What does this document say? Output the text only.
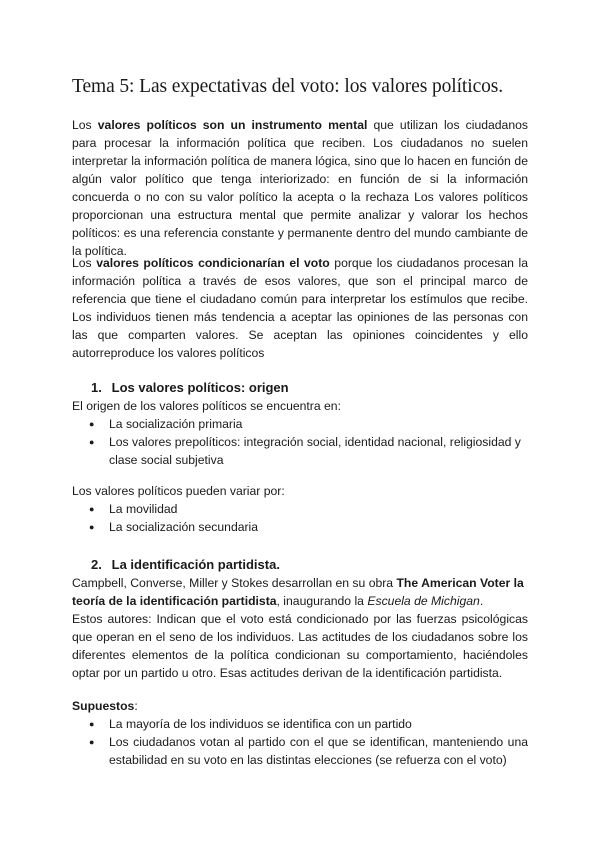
Tema 5: Las expectativas del voto: los valores políticos.

Los valores políticos son un instrumento mental que utilizan los ciudadanos para procesar la información política que reciben. Los ciudadanos no suelen interpretar la información política de manera lógica, sino que lo hacen en función de algún valor político que tenga interiorizado: en función de si la información concuerda o no con su valor político la acepta o la rechaza Los valores políticos proporcionan una estructura mental que permite analizar y valorar los hechos políticos: es una referencia constante y permanente dentro del mundo cambiante de la política.

Los valores políticos condicionarían el voto porque los ciudadanos procesan la información política a través de esos valores, que son el principal marco de referencia que tiene el ciudadano común para interpretar los estímulos que recibe. Los individuos tienen más tendencia a aceptar las opiniones de las personas con las que comparten valores. Se aceptan las opiniones coincidentes y ello autorreproduce los valores políticos

1. Los valores políticos: origen

El origen de los valores políticos se encuentra en:

● La socialización primaria
● Los valores prepolíticos: integración social, identidad nacional, religiosidad y clase social subjetiva

Los valores políticos pueden variar por:

● La movilidad
● La socialización secundaria

2. La identificación partidista.

Campbell, Converse, Miller y Stokes desarrollan en su obra The American Voter la teoría de la identificación partidista, inaugurando la Escuela de Michigan.

Estos autores: Indican que el voto está condicionado por las fuerzas psicológicas que operan en el seno de los individuos. Las actitudes de los ciudadanos sobre los diferentes elementos de la política condicionan su comportamiento, haciéndoles optar por un partido u otro. Esas actitudes derivan de la identificación partidista.

Supuestos:

● La mayoría de los individuos se identifica con un partido
● Los ciudadanos votan al partido con el que se identifican, manteniendo una estabilidad en su voto en las distintas elecciones (se refuerza con el voto)
